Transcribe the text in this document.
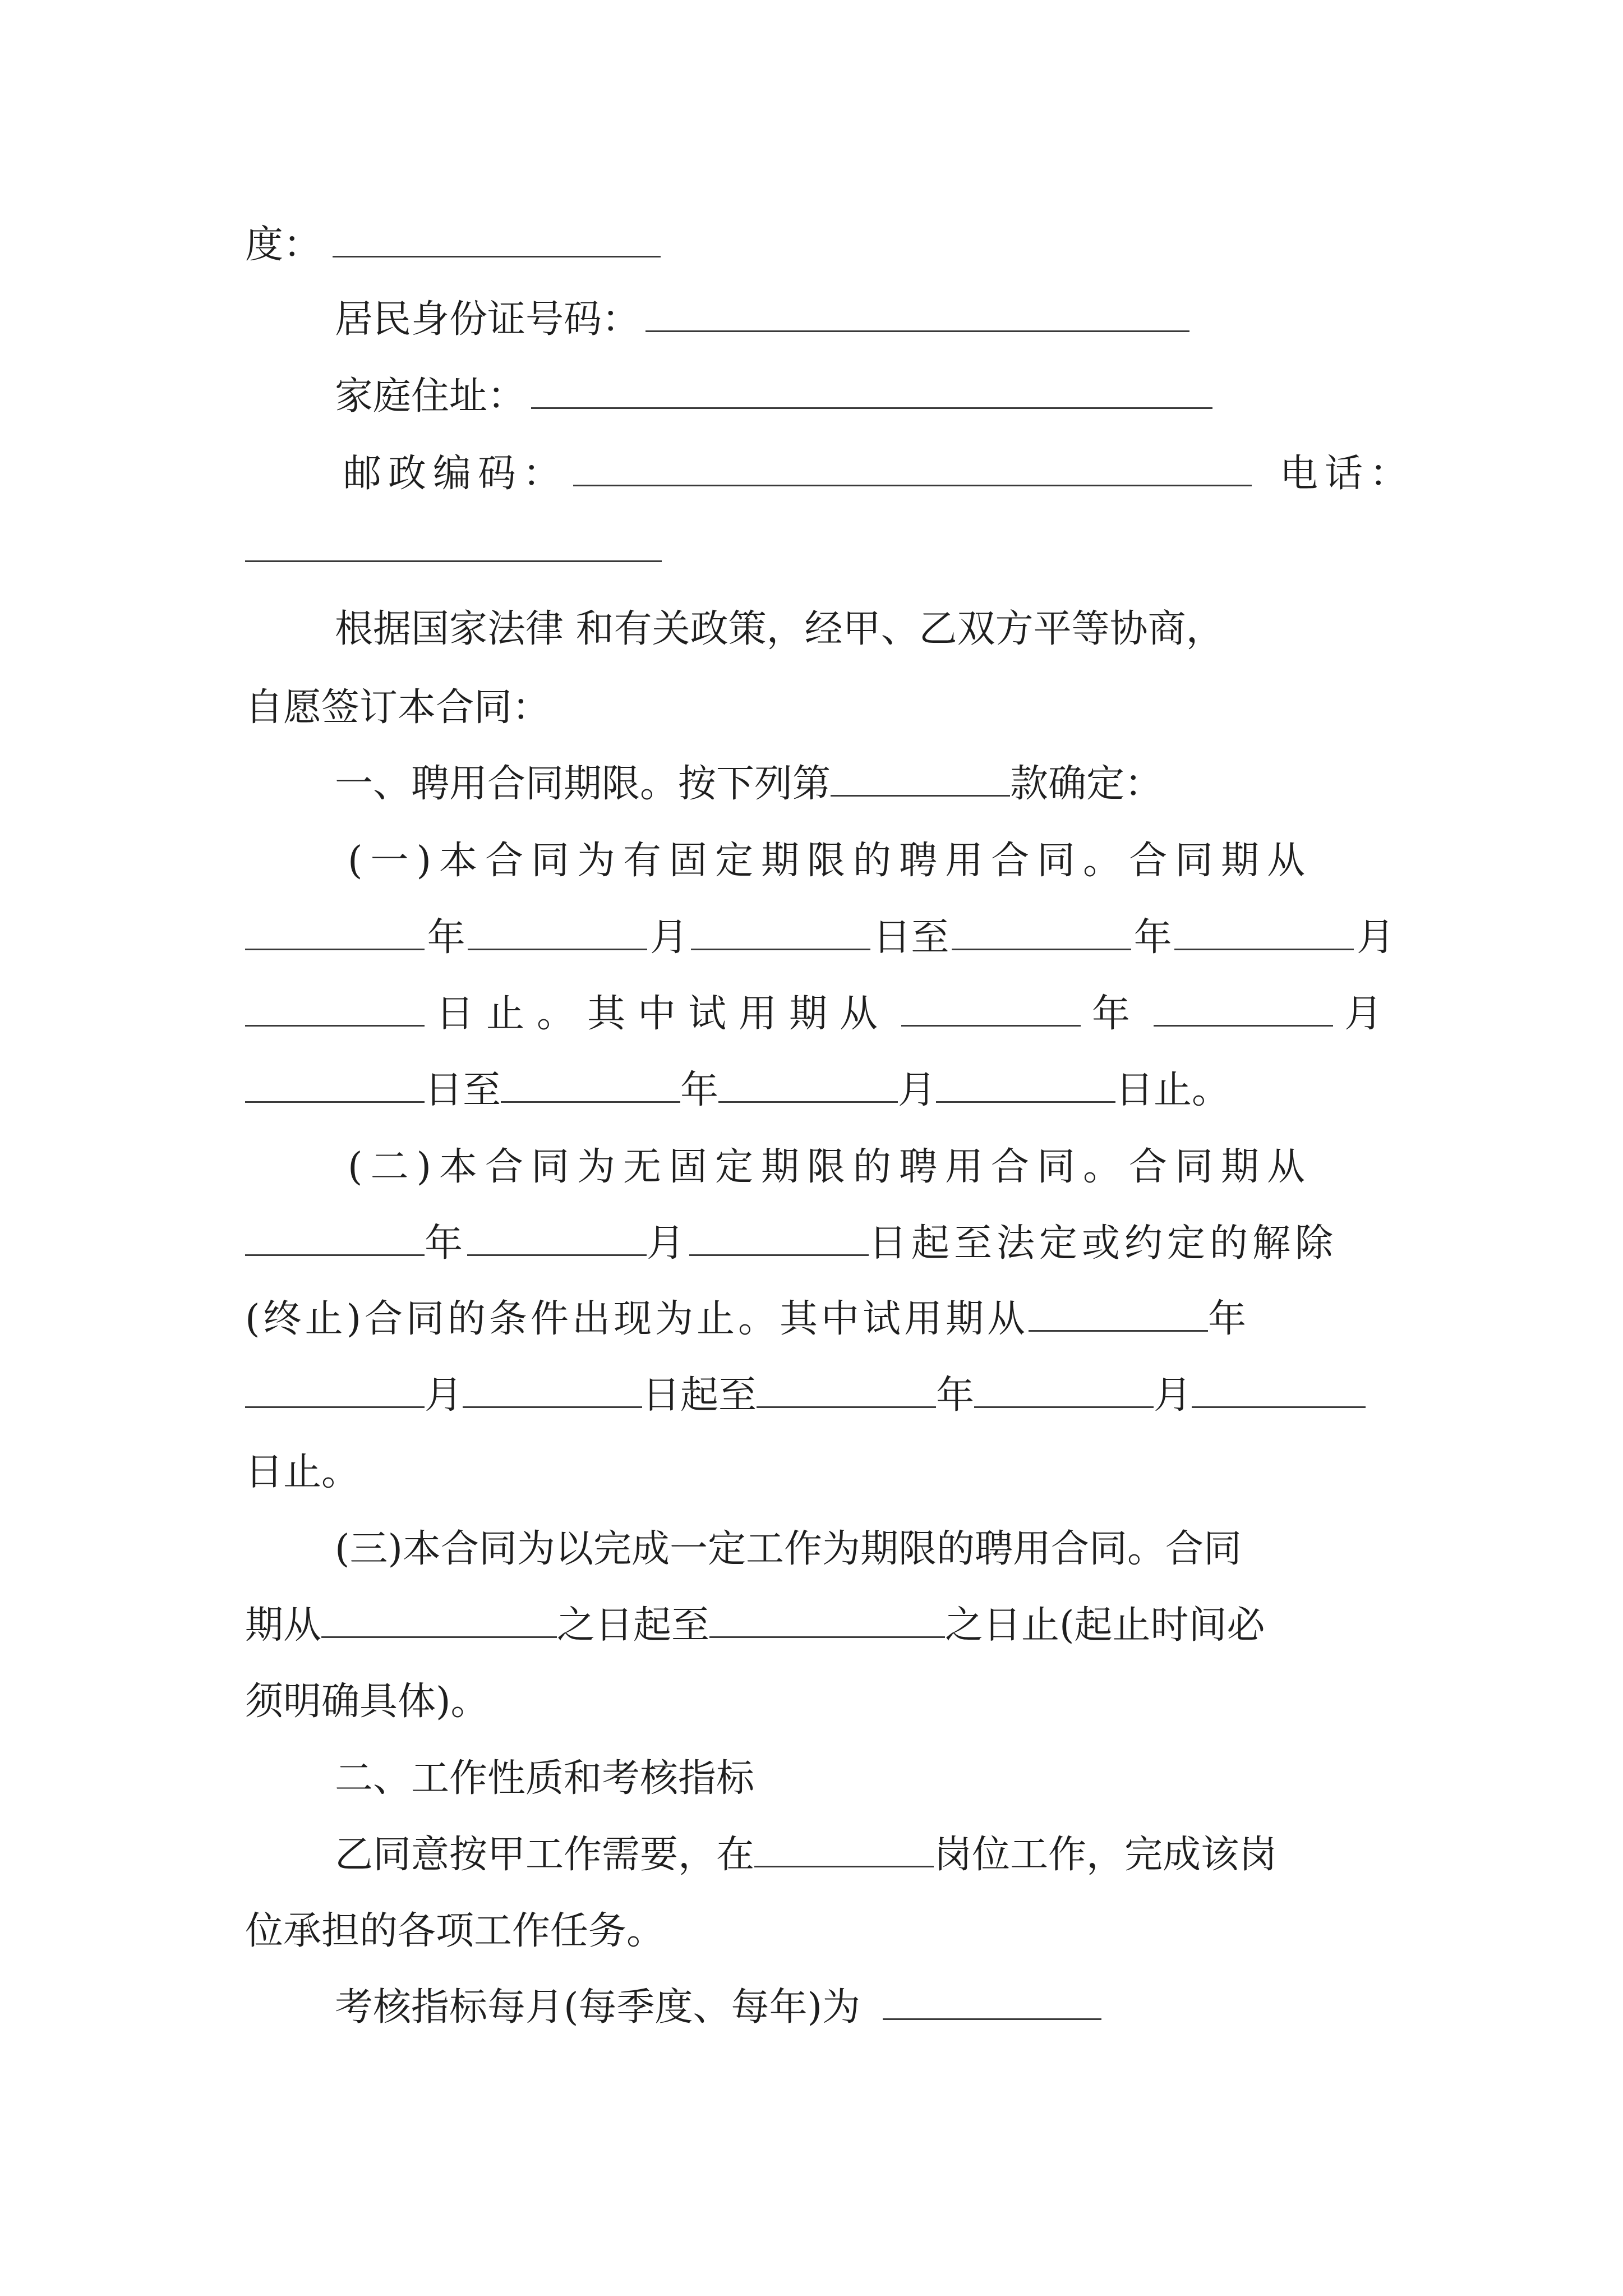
度：
居民身份证号码：
家庭住址：
邮政编码：	电话：
根据国家法律 和有关政策，经甲、乙双方平等协商，
自愿签订本合同：
一、聘用合同期限。按下列第	款确定：
(一)本合同为有固定期限的聘用合同。合同期从
年	月	日至	年	月
日止。其中试用期从	年	月
日至	年	月	日止。
(二)本合同为无固定期限的聘用合同。合同期从
年	月	日起至法定或约定的解除
(终止)合同的条件出现为止。其中试用期从	年
月	日起至	年	月
日止。
(三)本合同为以完成一定工作为期限的聘用合同。合同
期从	之日起至	之日止(起止时间必
须明确具体)。
二、工作性质和考核指标
乙同意按甲工作需要，在	岗位工作，完成该岗
位承担的各项工作任务。
考核指标每月(每季度、每年)为
